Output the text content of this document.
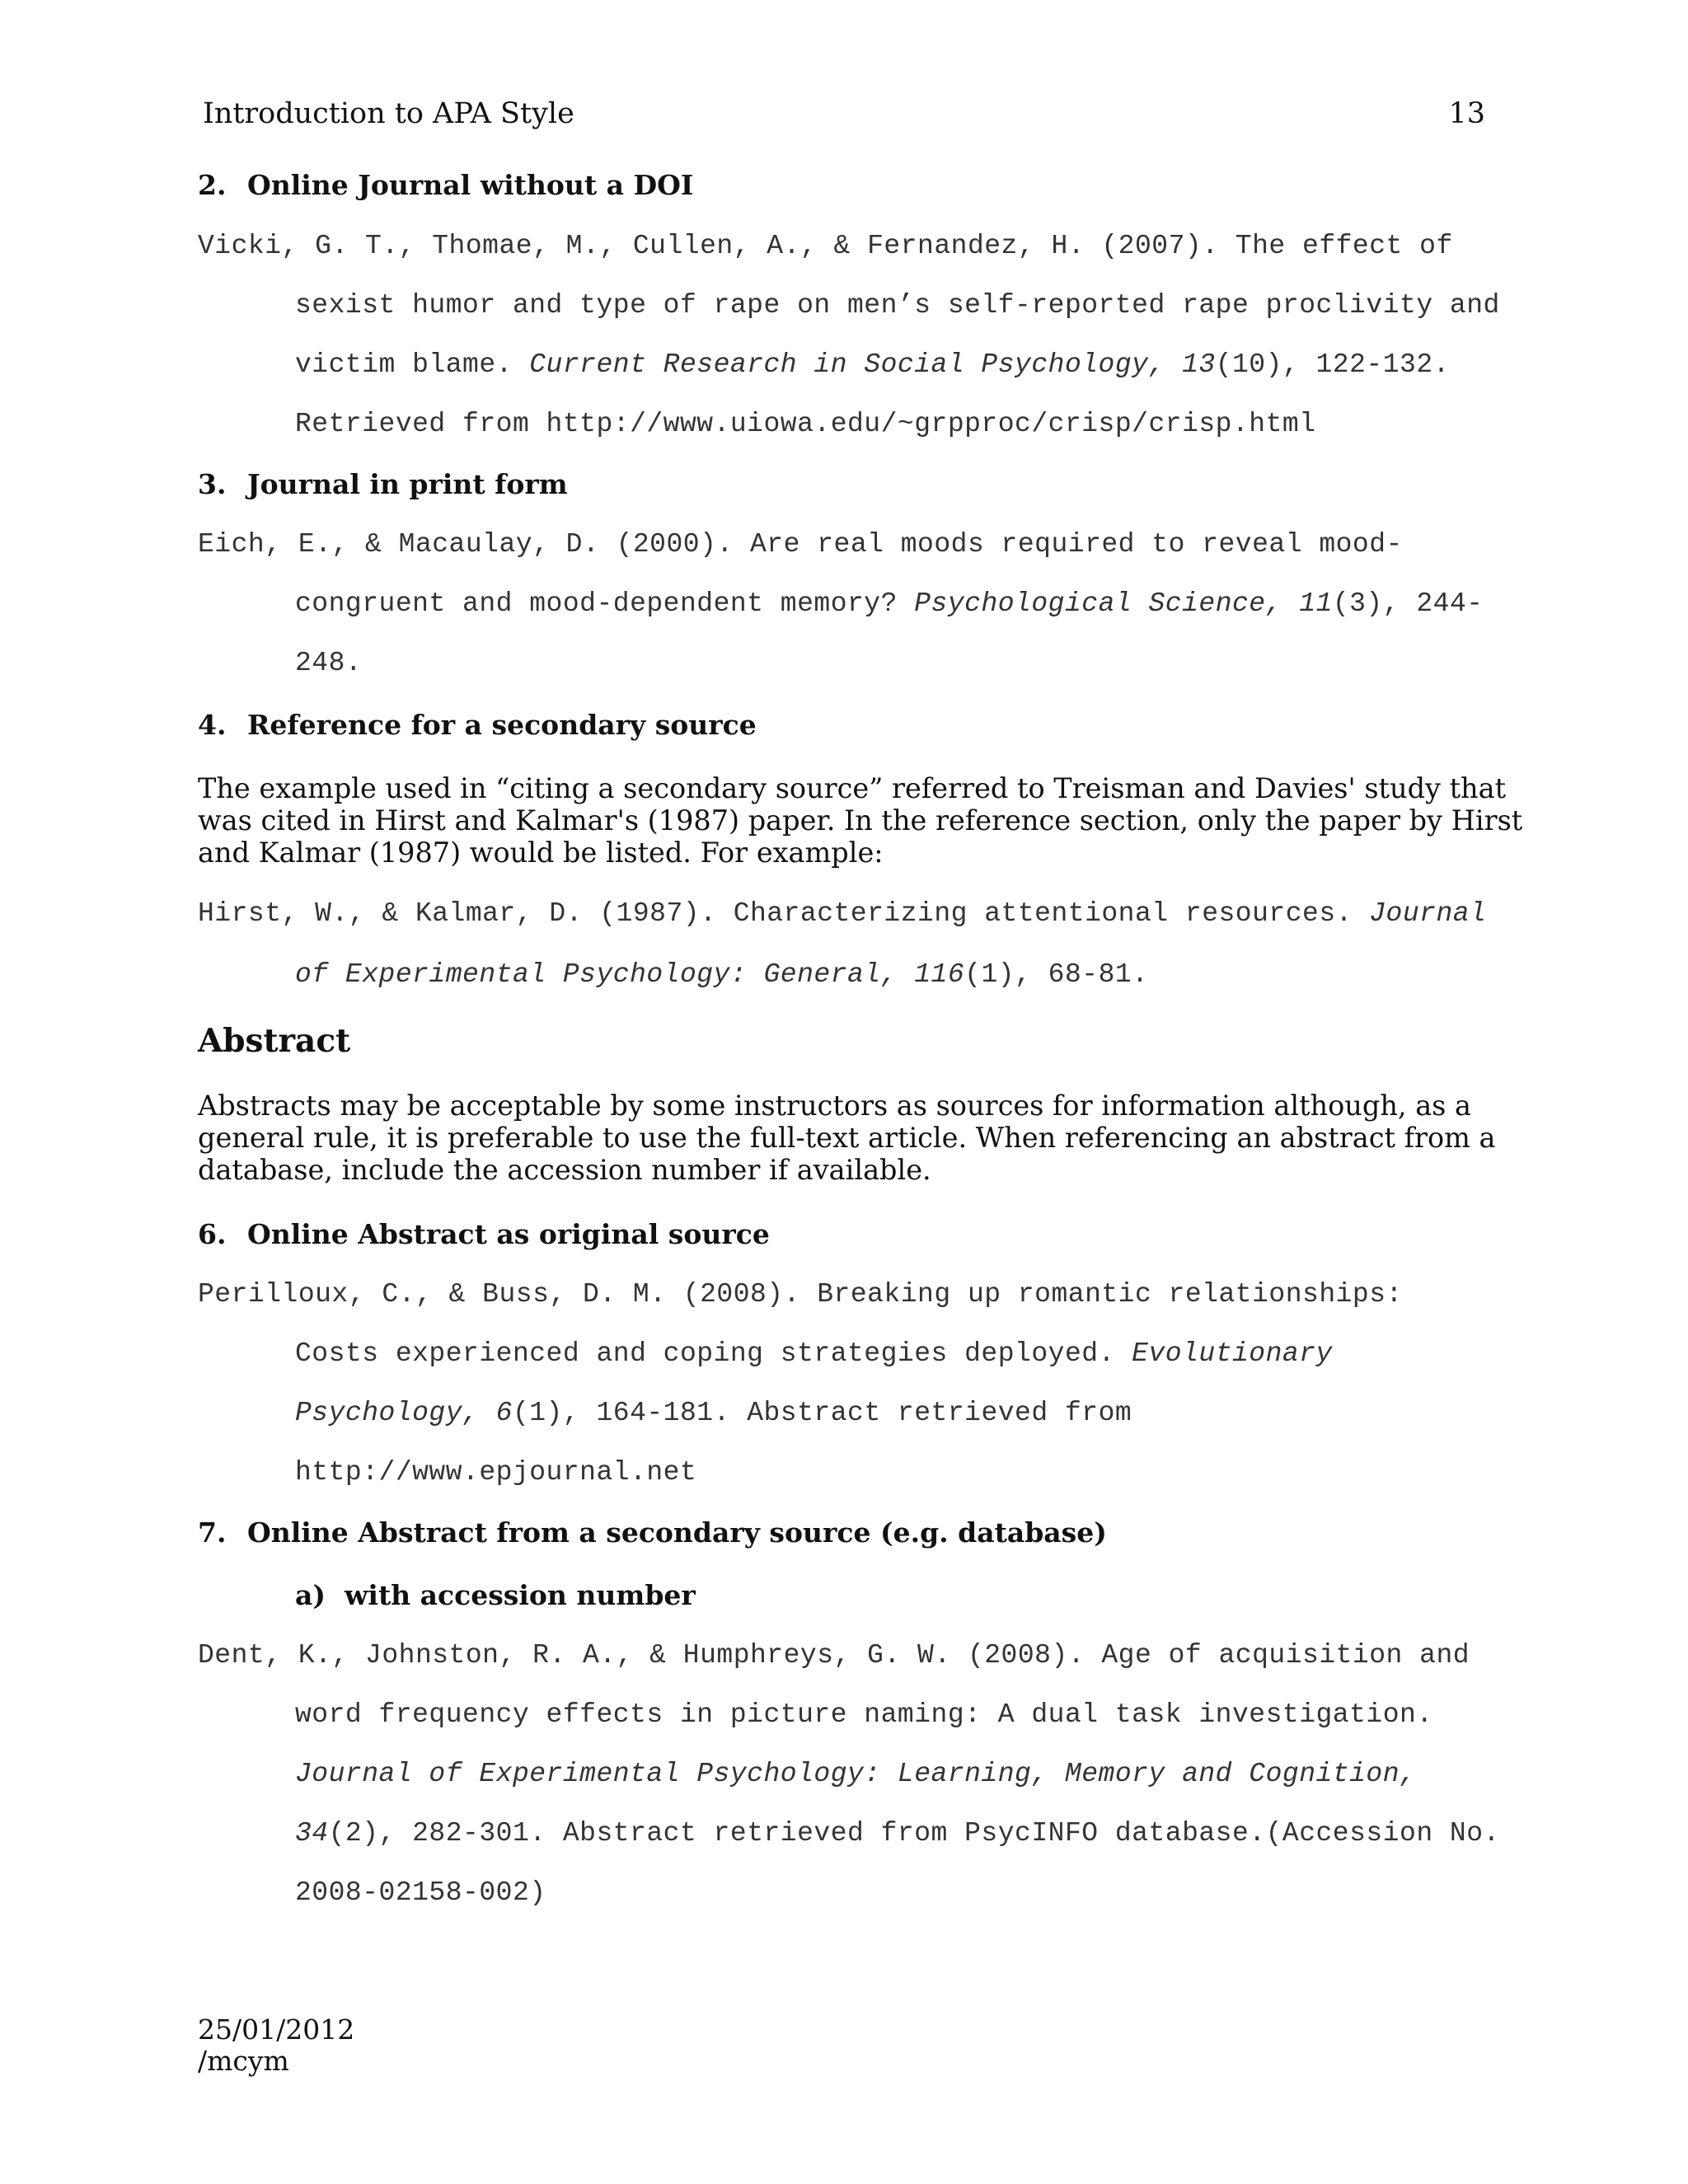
Introduction to APA Style	13
2. Online Journal without a DOI
Vicki, G. T., Thomae, M., Cullen, A., & Fernandez, H. (2007). The effect of
sexist humor and type of rape on men’s self-reported rape proclivity and
victim blame. Current Research in Social Psychology, 13(10), 122-132.
Retrieved from http://www.uiowa.edu/~grpproc/crisp/crisp.html
3. Journal in print form
Eich, E., & Macaulay, D. (2000). Are real moods required to reveal mood-
congruent and mood-dependent memory? Psychological Science, 11(3), 244-
248.
4. Reference for a secondary source
The example used in “citing a secondary source” referred to Treisman and Davies' study that
was cited in Hirst and Kalmar's (1987) paper. In the reference section, only the paper by Hirst
and Kalmar (1987) would be listed. For example:
Hirst, W., & Kalmar, D. (1987). Characterizing attentional resources. Journal
of Experimental Psychology: General, 116(1), 68-81.
Abstract
Abstracts may be acceptable by some instructors as sources for information although, as a
general rule, it is preferable to use the full-text article. When referencing an abstract from a
database, include the accession number if available.
6. Online Abstract as original source
Perilloux, C., & Buss, D. M. (2008). Breaking up romantic relationships:
Costs experienced and coping strategies deployed. Evolutionary
Psychology, 6(1), 164-181. Abstract retrieved from
http://www.epjournal.net
7. Online Abstract from a secondary source (e.g. database)
a) with accession number
Dent, K., Johnston, R. A., & Humphreys, G. W. (2008). Age of acquisition and
word frequency effects in picture naming: A dual task investigation.
Journal of Experimental Psychology: Learning, Memory and Cognition,
34(2), 282-301. Abstract retrieved from PsycINFO database.(Accession No.
2008-02158-002)
25/01/2012
/mcym
